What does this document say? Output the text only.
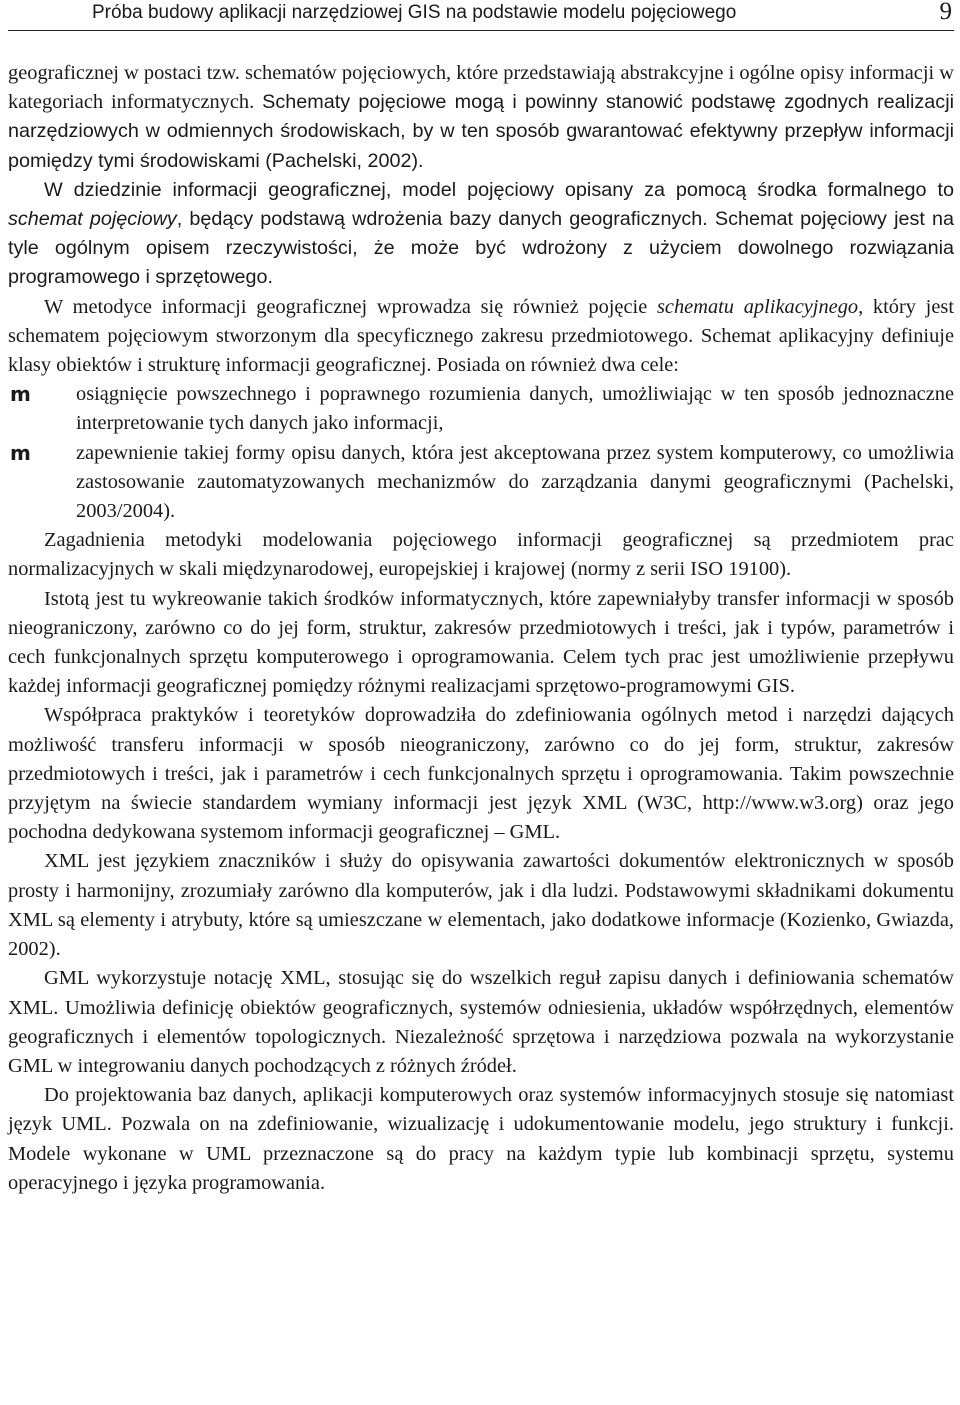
Próba budowy aplikacji narzędziowej GIS na podstawie modelu pojęciowego	9

geograficznej w postaci tzw. schematów pojęciowych, które przedstawiają abstrakcyjne i ogólne opisy informacji w kategoriach informatycznych. Schematy pojęciowe mogą i powinny stanowić podstawę zgodnych realizacji narzędziowych w odmiennych środowiskach, by w ten sposób gwarantować efektywny przepływ informacji pomiędzy tymi środowiskami (Pachelski, 2002).

W dziedzinie informacji geograficznej, model pojęciowy opisany za pomocą środka formalnego to schemat pojęciowy, będący podstawą wdrożenia bazy danych geograficznych. Schemat pojęciowy jest na tyle ogólnym opisem rzeczywistości, że może być wdrożony z użyciem dowolnego rozwiązania programowego i sprzętowego.

W metodyce informacji geograficznej wprowadza się również pojęcie schematu aplikacyjnego, który jest schematem pojęciowym stworzonym dla specyficznego zakresu przedmiotowego. Schemat aplikacyjny definiuje klasy obiektów i strukturę informacji geograficznej. Posiada on również dwa cele:

m osiągnięcie powszechnego i poprawnego rozumienia danych, umożliwiając w ten sposób jednoznaczne interpretowanie tych danych jako informacji,
m zapewnienie takiej formy opisu danych, która jest akceptowana przez system komputerowy, co umożliwia zastosowanie zautomatyzowanych mechanizmów do zarządzania danymi geograficznymi (Pachelski, 2003/2004).

Zagadnienia metodyki modelowania pojęciowego informacji geograficznej są przedmiotem prac normalizacyjnych w skali międzynarodowej, europejskiej i krajowej (normy z serii ISO 19100).

Istotą jest tu wykreowanie takich środków informatycznych, które zapewniałyby transfer informacji w sposób nieograniczony, zarówno co do jej form, struktur, zakresów przedmiotowych i treści, jak i typów, parametrów i cech funkcjonalnych sprzętu komputerowego i oprogramowania. Celem tych prac jest umożliwienie przepływu każdej informacji geograficznej pomiędzy różnymi realizacjami sprzętowo-programowymi GIS.

Współpraca praktyków i teoretyków doprowadziła do zdefiniowania ogólnych metod i narzędzi dających możliwość transferu informacji w sposób nieograniczony, zarówno co do jej form, struktur, zakresów przedmiotowych i treści, jak i parametrów i cech funkcjonalnych sprzętu i oprogramowania. Takim powszechnie przyjętym na świecie standardem wymiany informacji jest język XML (W3C, http://www.w3.org) oraz jego pochodna dedykowana systemom informacji geograficznej – GML.

XML jest językiem znaczników i służy do opisywania zawartości dokumentów elektronicznych w sposób prosty i harmonijny, zrozumiały zarówno dla komputerów, jak i dla ludzi. Podstawowymi składnikami dokumentu XML są elementy i atrybuty, które są umieszczane w elementach, jako dodatkowe informacje (Kozienko, Gwiazda, 2002).

GML wykorzystuje notację XML, stosując się do wszelkich reguł zapisu danych i definiowania schematów XML. Umożliwia definicję obiektów geograficznych, systemów odniesienia, układów współrzędnych, elementów geograficznych i elementów topologicznych. Niezależność sprzętowa i narzędziowa pozwala na wykorzystanie GML w integrowaniu danych pochodzących z różnych źródeł.

Do projektowania baz danych, aplikacji komputerowych oraz systemów informacyjnych stosuje się natomiast język UML. Pozwala on na zdefiniowanie, wizualizację i udokumentowanie modelu, jego struktury i funkcji. Modele wykonane w UML przeznaczone są do pracy na każdym typie lub kombinacji sprzętu, systemu operacyjnego i języka programowania.
